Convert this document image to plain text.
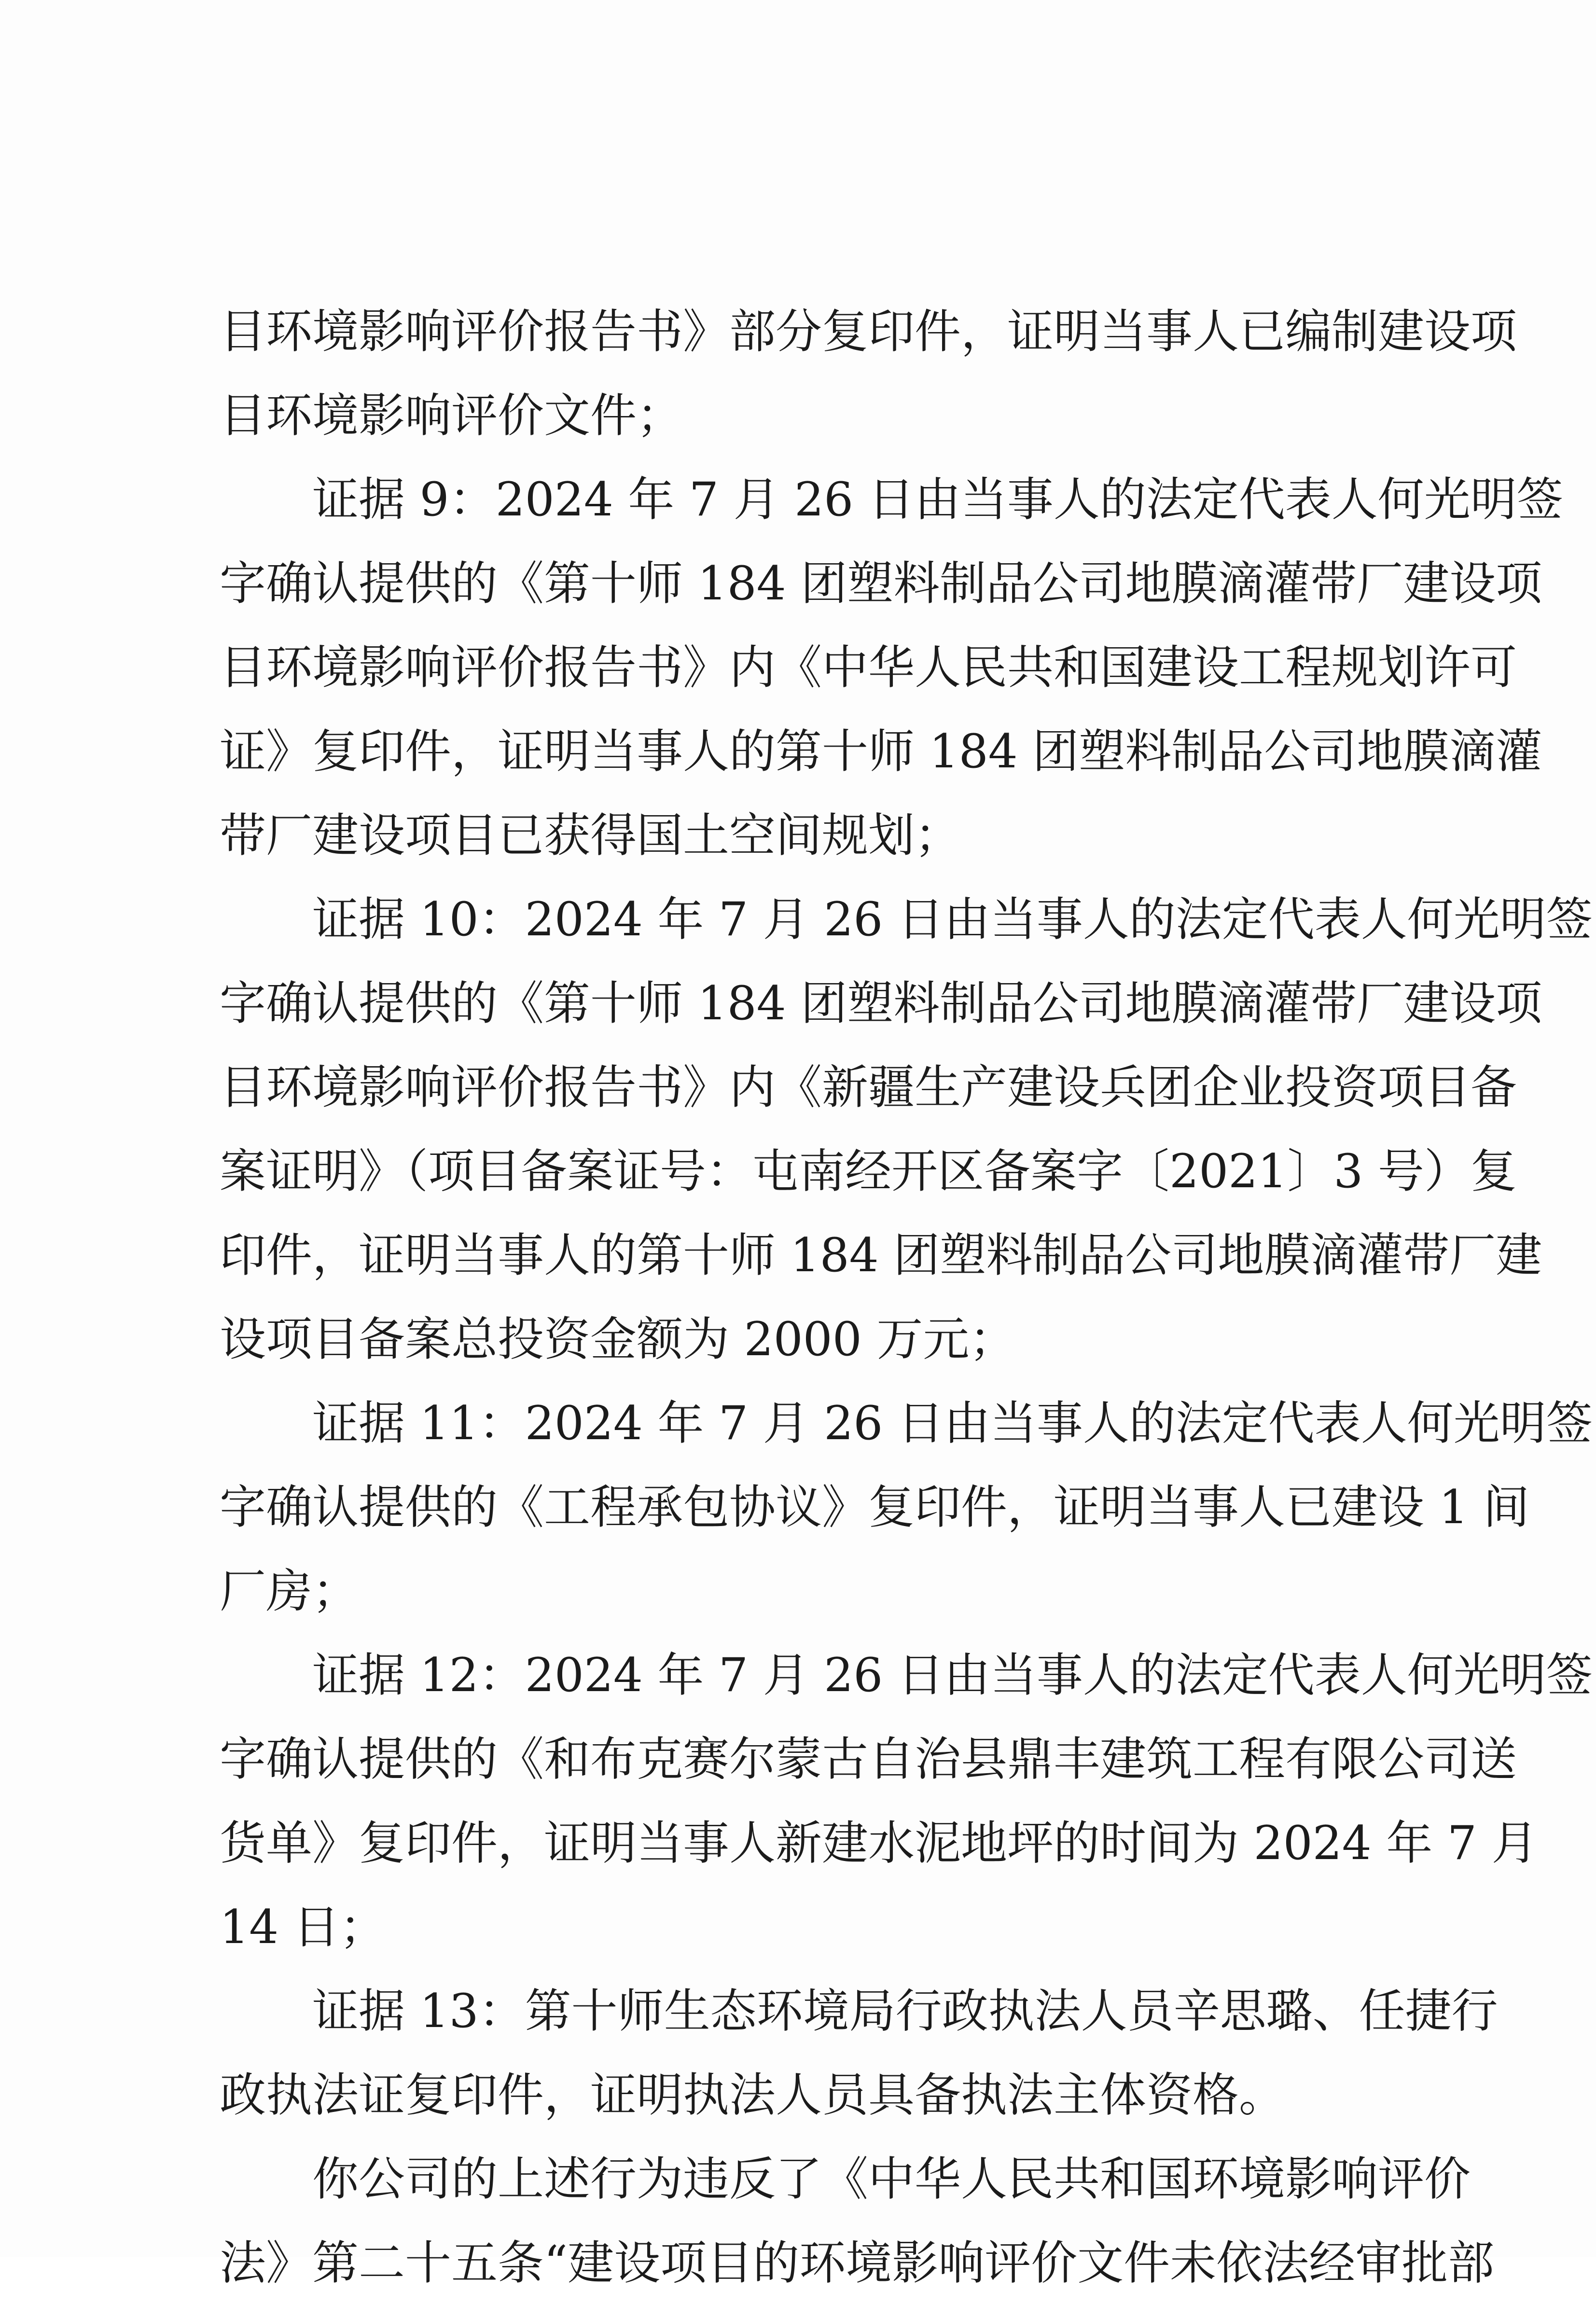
目环境影响评价报告书》部分复印件，证明当事人已编制建设项
目环境影响评价文件；
证据 9：2024 年 7 月 26 日由当事人的法定代表人何光明签
字确认提供的《第十师 184 团塑料制品公司地膜滴灌带厂建设项
目环境影响评价报告书》内《中华人民共和国建设工程规划许可
证》复印件，证明当事人的第十师 184 团塑料制品公司地膜滴灌
带厂建设项目已获得国土空间规划；
证据 10：2024 年 7 月 26 日由当事人的法定代表人何光明签
字确认提供的《第十师 184 团塑料制品公司地膜滴灌带厂建设项
目环境影响评价报告书》内《新疆生产建设兵团企业投资项目备
案证明》（项目备案证号：屯南经开区备案字〔2021〕3 号）复
印件，证明当事人的第十师 184 团塑料制品公司地膜滴灌带厂建
设项目备案总投资金额为 2000 万元；
证据 11：2024 年 7 月 26 日由当事人的法定代表人何光明签
字确认提供的《工程承包协议》复印件，证明当事人已建设 1 间
厂房；
证据 12：2024 年 7 月 26 日由当事人的法定代表人何光明签
字确认提供的《和布克赛尔蒙古自治县鼎丰建筑工程有限公司送
货单》复印件，证明当事人新建水泥地坪的时间为 2024 年 7 月
14 日；
证据 13：第十师生态环境局行政执法人员辛思璐、任捷行
政执法证复印件，证明执法人员具备执法主体资格。
你公司的上述行为违反了《中华人民共和国环境影响评价
法》第二十五条“建设项目的环境影响评价文件未依法经审批部
